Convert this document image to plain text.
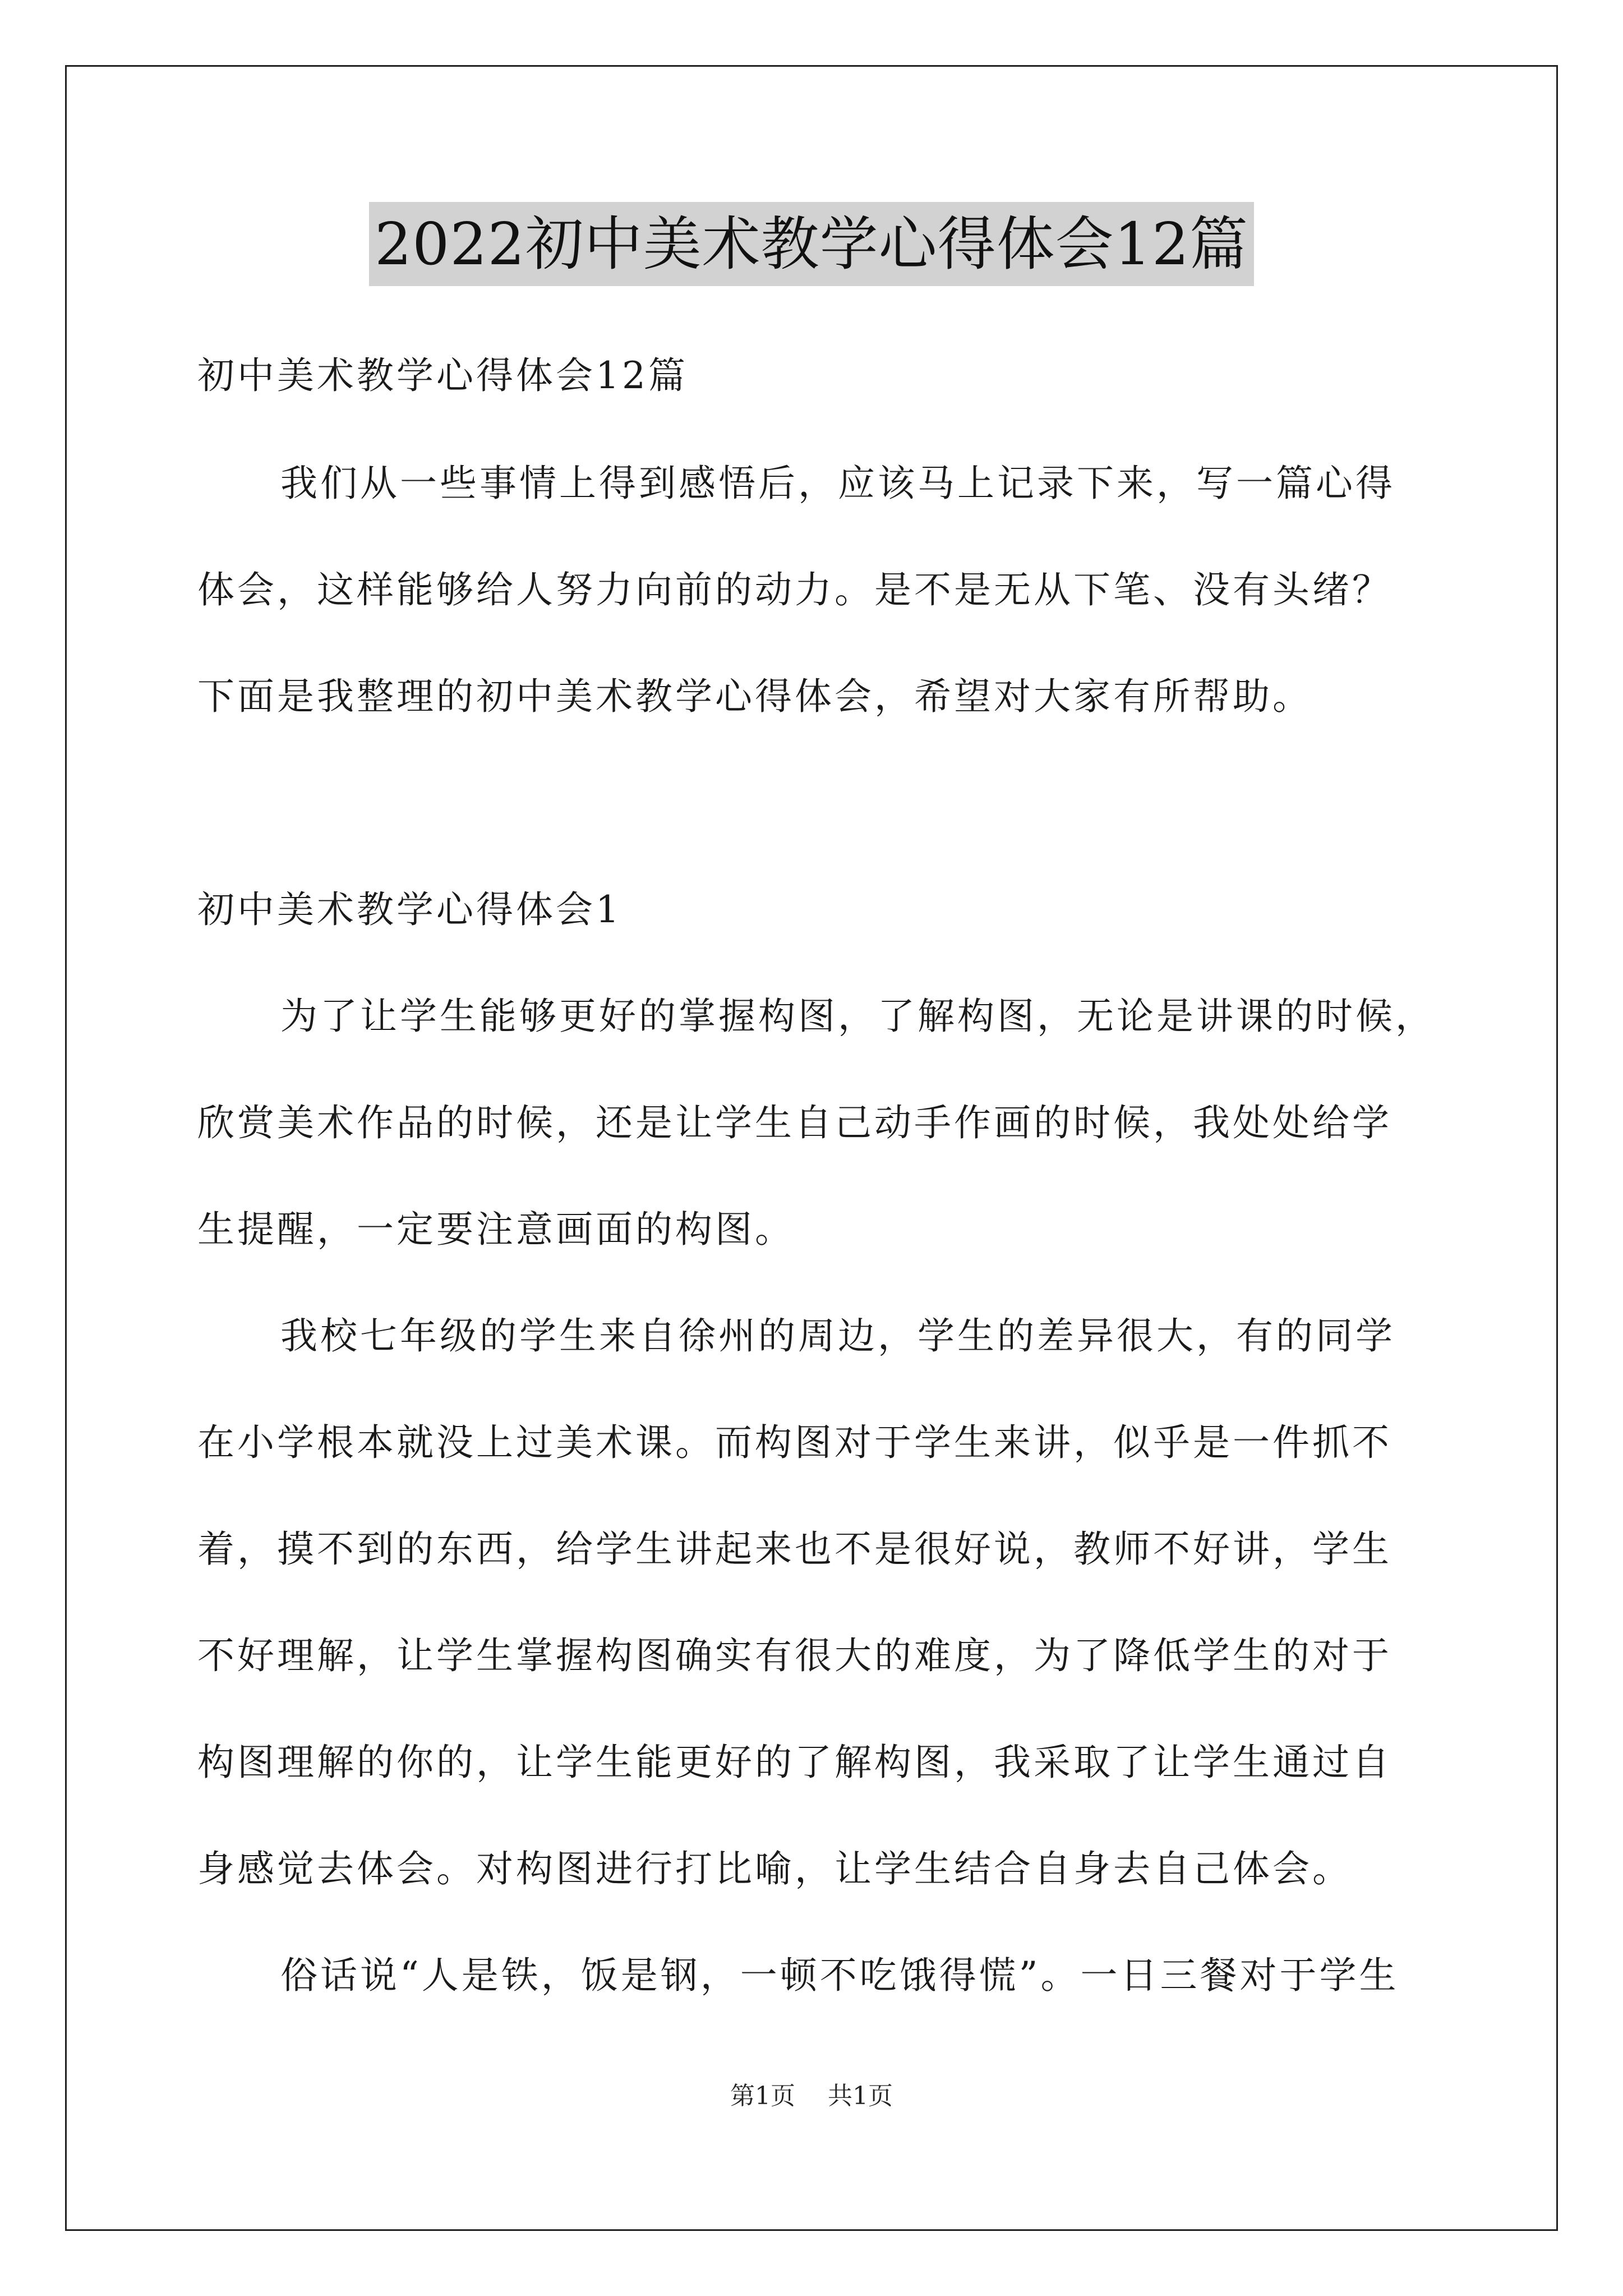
2022初中美术教学心得体会12篇
初中美术教学心得体会12篇
我们从一些事情上得到感悟后，应该马上记录下来，写一篇心得
体会，这样能够给人努力向前的动力。是不是无从下笔、没有头绪？
下面是我整理的初中美术教学心得体会，希望对大家有所帮助。
初中美术教学心得体会1
为了让学生能够更好的掌握构图，了解构图，无论是讲课的时候，
欣赏美术作品的时候，还是让学生自己动手作画的时候，我处处给学
生提醒，一定要注意画面的构图。
我校七年级的学生来自徐州的周边，学生的差异很大，有的同学
在小学根本就没上过美术课。而构图对于学生来讲，似乎是一件抓不
着，摸不到的东西，给学生讲起来也不是很好说，教师不好讲，学生
不好理解，让学生掌握构图确实有很大的难度，为了降低学生的对于
构图理解的你的，让学生能更好的了解构图，我采取了让学生通过自
身感觉去体会。对构图进行打比喻，让学生结合自身去自己体会。
俗话说“人是铁，饭是钢，一顿不吃饿得慌”。一日三餐对于学生
第1页 共1页
